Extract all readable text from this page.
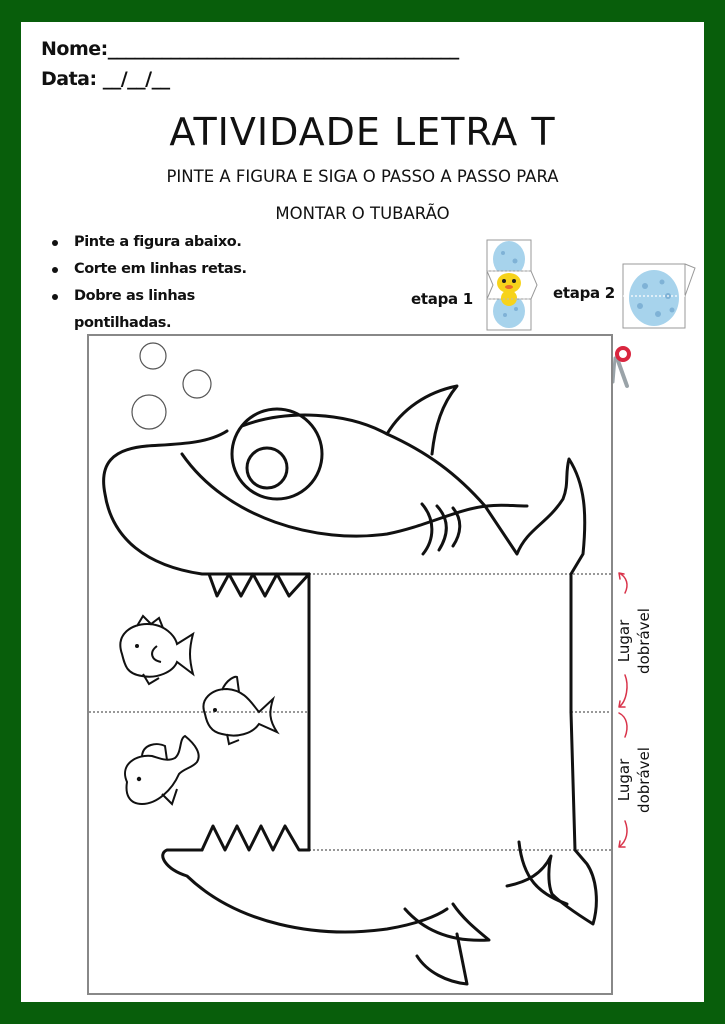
Nome:_______________________________________
Data: __/__/__
ATIVIDADE LETRA T
PINTE A FIGURA E SIGA O PASSO A PASSO PARA
MONTAR O TUBARÃO
Pinte a figura abaixo.
Corte em linhas retas.
Dobre as linhas pontilhadas.
etapa 1	etapa 2
Lugar dobrável
Lugar dobrável
